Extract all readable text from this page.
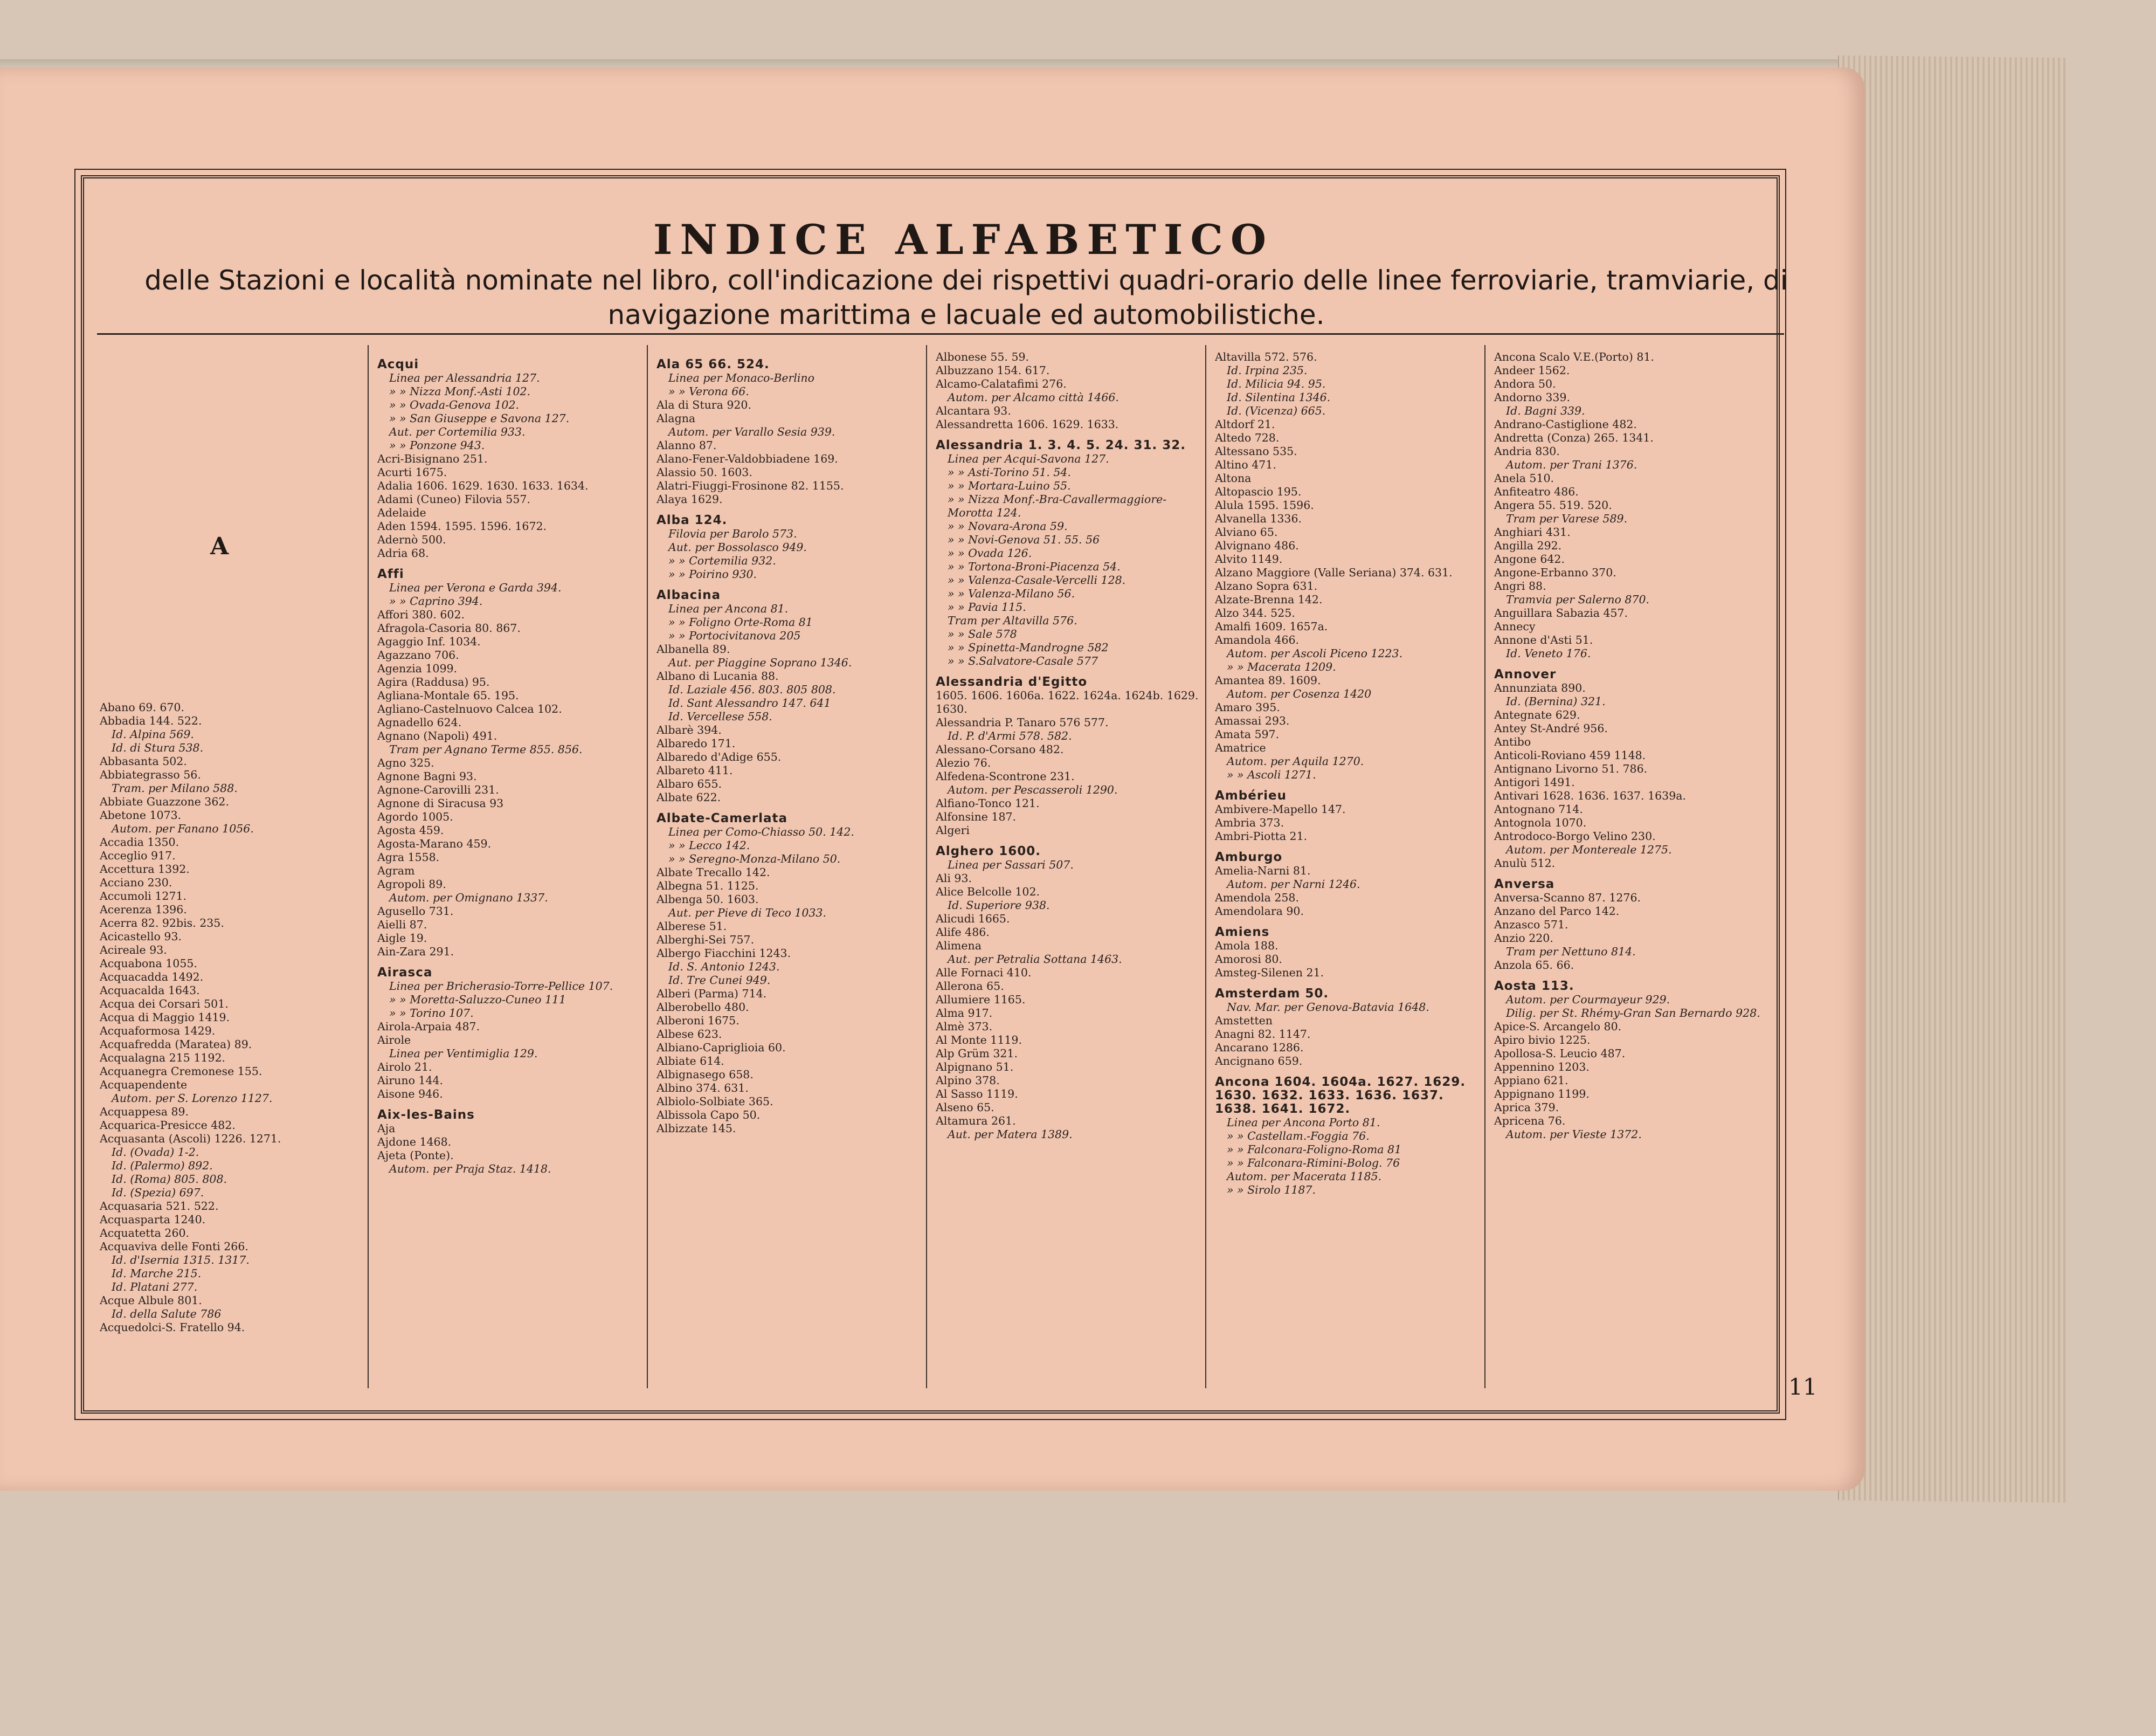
INDICE ALFABETICO

delle Stazioni e località nominate nel libro, coll'indicazione dei rispettivi quadri-orario delle linee ferroviarie, tramviarie, di navigazione marittima e lacuale ed automobilistiche.

A

Abano 69. 670.

Abbadia 144. 522.

Id. Alpina 569.

Id. di Stura 538.

Abbasanta 502.

Abbiategrasso 56.

Tram. per Milano 588.

Abbiate Guazzone 362.

Abetone 1073.

Autom. per Fanano 1056.

Accadia 1350.

Acceglio 917.

Accettura 1392.

Acciano 230.

Accumoli 1271.

Acerenza 1396.

Acerra 82. 92bis. 235.

Acicastello 93.

Acireale 93.

Acquabona 1055.

Acquacadda 1492.

Acquacalda 1643.

Acqua dei Corsari 501.

Acqua di Maggio 1419.

Acquaformosa 1429.

Acquafredda (Maratea) 89.

Acqualagna 215 1192.

Acquanegra Cremonese 155.

Acquapendente

Autom. per S. Lorenzo 1127.

Acquappesa 89.

Acquarica-Presicce 482.

Acquasanta (Ascoli) 1226. 1271.

Id. (Ovada) 1-2.

Id. (Palermo) 892.

Id. (Roma) 805. 808.

Id. (Spezia) 697.

Acquasaria 521. 522.

Acquasparta 1240.

Acquatetta 260.

Acquaviva delle Fonti 266.

Id. d'Isernia 1315. 1317.

Id. Marche 215.

Id. Platani 277.

Acque Albule 801.

Id. della Salute 786

Acquedolci-S. Fratello 94.

Acqui

Linea per Alessandria 127.

» » Nizza Monf.-Asti 102.

» » Ovada-Genova 102.

» » San Giuseppe e Savona 127.

Aut. per Cortemilia 933.

» » Ponzone 943.

Acri-Bisignano 251.

Acurti 1675.

Adalia 1606. 1629. 1630. 1633. 1634.

Adami (Cuneo) Filovia 557.

Adelaide

Aden 1594. 1595. 1596. 1672.

Adernò 500.

Adria 68.

Affi

Linea per Verona e Garda 394.

» » Caprino 394.

Affori 380. 602.

Afragola-Casoria 80. 867.

Agaggio Inf. 1034.

Agazzano 706.

Agenzia 1099.

Agira (Raddusa) 95.

Agliana-Montale 65. 195.

Agliano-Castelnuovo Calcea 102.

Agnadello 624.

Agnano (Napoli) 491.

Tram per Agnano Terme 855. 856.

Agno 325.

Agnone Bagni 93.

Agnone-Carovilli 231.

Agnone di Siracusa 93

Agordo 1005.

Agosta 459.

Agosta-Marano 459.

Agra 1558.

Agram

Agropoli 89.

Autom. per Omignano 1337.

Agusello 731.

Aielli 87.

Aigle 19.

Ain-Zara 291.

Airasca

Linea per Bricherasio-Torre-Pellice 107.

» » Moretta-Saluzzo-Cuneo 111

» » Torino 107.

Airola-Arpaia 487.

Airole

Linea per Ventimiglia 129.

Airolo 21.

Airuno 144.

Aisone 946.

Aix-les-Bains

Aja

Ajdone 1468.

Ajeta (Ponte).

Autom. per Praja Staz. 1418.

Ala 65 66. 524.

Linea per Monaco-Berlino

» » Verona 66.

Ala di Stura 920.

Alagna

Autom. per Varallo Sesia 939.

Alanno 87.

Alano-Fener-Valdobbiadene 169.

Alassio 50. 1603.

Alatri-Fiuggi-Frosinone 82. 1155.

Alaya 1629.

Alba 124.

Filovia per Barolo 573.

Aut. per Bossolasco 949.

» » Cortemilia 932.

» » Poirino 930.

Albacina

Linea per Ancona 81.

» » Foligno Orte-Roma 81

» » Portocivitanova 205

Albanella 89.

Aut. per Piaggine Soprano 1346.

Albano di Lucania 88.

Id. Laziale 456. 803. 805 808.

Id. Sant Alessandro 147. 641

Id. Vercellese 558.

Albarè 394.

Albaredo 171.

Albaredo d'Adige 655.

Albareto 411.

Albaro 655.

Albate 622.

Albate-Camerlata

Linea per Como-Chiasso 50. 142.

» » Lecco 142.

» » Seregno-Monza-Milano 50.

Albate Trecallo 142.

Albegna 51. 1125.

Albenga 50. 1603.

Aut. per Pieve di Teco 1033.

Alberese 51.

Alberghi-Sei 757.

Albergo Fiacchini 1243.

Id. S. Antonio 1243.

Id. Tre Cunei 949.

Alberi (Parma) 714.

Alberobello 480.

Alberoni 1675.

Albese 623.

Albiano-Capriglioia 60.

Albiate 614.

Albignasego 658.

Albino 374. 631.

Albiolo-Solbiate 365.

Albissola Capo 50.

Albizzate 145.

Albonese 55. 59.

Albuzzano 154. 617.

Alcamo-Calatafimi 276.

Autom. per Alcamo città 1466.

Alcantara 93.

Alessandretta 1606. 1629. 1633.

Alessandria 1. 3. 4. 5. 24. 31. 32.

Linea per Acqui-Savona 127.

» » Asti-Torino 51. 54.

» » Mortara-Luino 55.

» » Nizza Monf.-Bra-Cavallermaggiore-Morotta 124.

» » Novara-Arona 59.

» » Novi-Genova 51. 55. 56

» » Ovada 126.

» » Tortona-Broni-Piacenza 54.

» » Valenza-Casale-Vercelli 128.

» » Valenza-Milano 56.

» » Pavia 115.

Tram per Altavilla 576.

» » Sale 578

» » Spinetta-Mandrogne 582

» » S.Salvatore-Casale 577

Alessandria d'Egitto

1605. 1606. 1606a. 1622. 1624a. 1624b. 1629. 1630.

Alessandria P. Tanaro 576 577.

Id. P. d'Armi 578. 582.

Alessano-Corsano 482.

Alezio 76.

Alfedena-Scontrone 231.

Autom. per Pescasseroli 1290.

Alfiano-Tonco 121.

Alfonsine 187.

Algeri

Alghero 1600.

Linea per Sassari 507.

Ali 93.

Alice Belcolle 102.

Id. Superiore 938.

Alicudi 1665.

Alife 486.

Alimena

Aut. per Petralia Sottana 1463.

Alle Fornaci 410.

Allerona 65.

Allumiere 1165.

Alma 917.

Almè 373.

Al Monte 1119.

Alp Grüm 321.

Alpignano 51.

Alpino 378.

Al Sasso 1119.

Alseno 65.

Altamura 261.

Aut. per Matera 1389.

Altavilla 572. 576.

Id. Irpina 235.

Id. Milicia 94. 95.

Id. Silentina 1346.

Id. (Vicenza) 665.

Altdorf 21.

Altedo 728.

Altessano 535.

Altino 471.

Altona

Altopascio 195.

Alula 1595. 1596.

Alvanella 1336.

Alviano 65.

Alvignano 486.

Alvito 1149.

Alzano Maggiore (Valle Seriana) 374. 631.

Alzano Sopra 631.

Alzate-Brenna 142.

Alzo 344. 525.

Amalfi 1609. 1657a.

Amandola 466.

Autom. per Ascoli Piceno 1223.

» » Macerata 1209.

Amantea 89. 1609.

Autom. per Cosenza 1420

Amaro 395.

Amassai 293.

Amata 597.

Amatrice

Autom. per Aquila 1270.

» » Ascoli 1271.

Ambérieu

Ambivere-Mapello 147.

Ambria 373.

Ambri-Piotta 21.

Amburgo

Amelia-Narni 81.

Autom. per Narni 1246.

Amendola 258.

Amendolara 90.

Amiens

Amola 188.

Amorosi 80.

Amsteg-Silenen 21.

Amsterdam 50.

Nav. Mar. per Genova-Batavia 1648.

Amstetten

Anagni 82. 1147.

Ancarano 1286.

Ancignano 659.

Ancona 1604. 1604a. 1627. 1629. 1630. 1632. 1633. 1636. 1637. 1638. 1641. 1672.

Linea per Ancona Porto 81.

» » Castellam.-Foggia 76.

» » Falconara-Foligno-Roma 81

» » Falconara-Rimini-Bolog. 76

Autom. per Macerata 1185.

» » Sirolo 1187.

Ancona Scalo V.E.(Porto) 81.

Andeer 1562.

Andora 50.

Andorno 339.

Id. Bagni 339.

Andrano-Castiglione 482.

Andretta (Conza) 265. 1341.

Andria 830.

Autom. per Trani 1376.

Anela 510.

Anfiteatro 486.

Angera 55. 519. 520.

Tram per Varese 589.

Anghiari 431.

Angilla 292.

Angone 642.

Angone-Erbanno 370.

Angri 88.

Tramvia per Salerno 870.

Anguillara Sabazia 457.

Annecy

Annone d'Asti 51.

Id. Veneto 176.

Annover

Annunziata 890.

Id. (Bernina) 321.

Antegnate 629.

Antey St-André 956.

Antibo

Anticoli-Roviano 459 1148.

Antignano Livorno 51. 786.

Antigori 1491.

Antivari 1628. 1636. 1637. 1639a.

Antognano 714.

Antognola 1070.

Antrodoco-Borgo Velino 230.

Autom. per Montereale 1275.

Anulù 512.

Anversa

Anversa-Scanno 87. 1276.

Anzano del Parco 142.

Anzasco 571.

Anzio 220.

Tram per Nettuno 814.

Anzola 65. 66.

Aosta 113.

Autom. per Courmayeur 929.

Dilig. per St. Rhémy-Gran San Bernardo 928.

Apice-S. Arcangelo 80.

Apiro bivio 1225.

Apollosa-S. Leucio 487.

Appennino 1203.

Appiano 621.

Appignano 1199.

Aprica 379.

Apricena 76.

Autom. per Vieste 1372.

11
